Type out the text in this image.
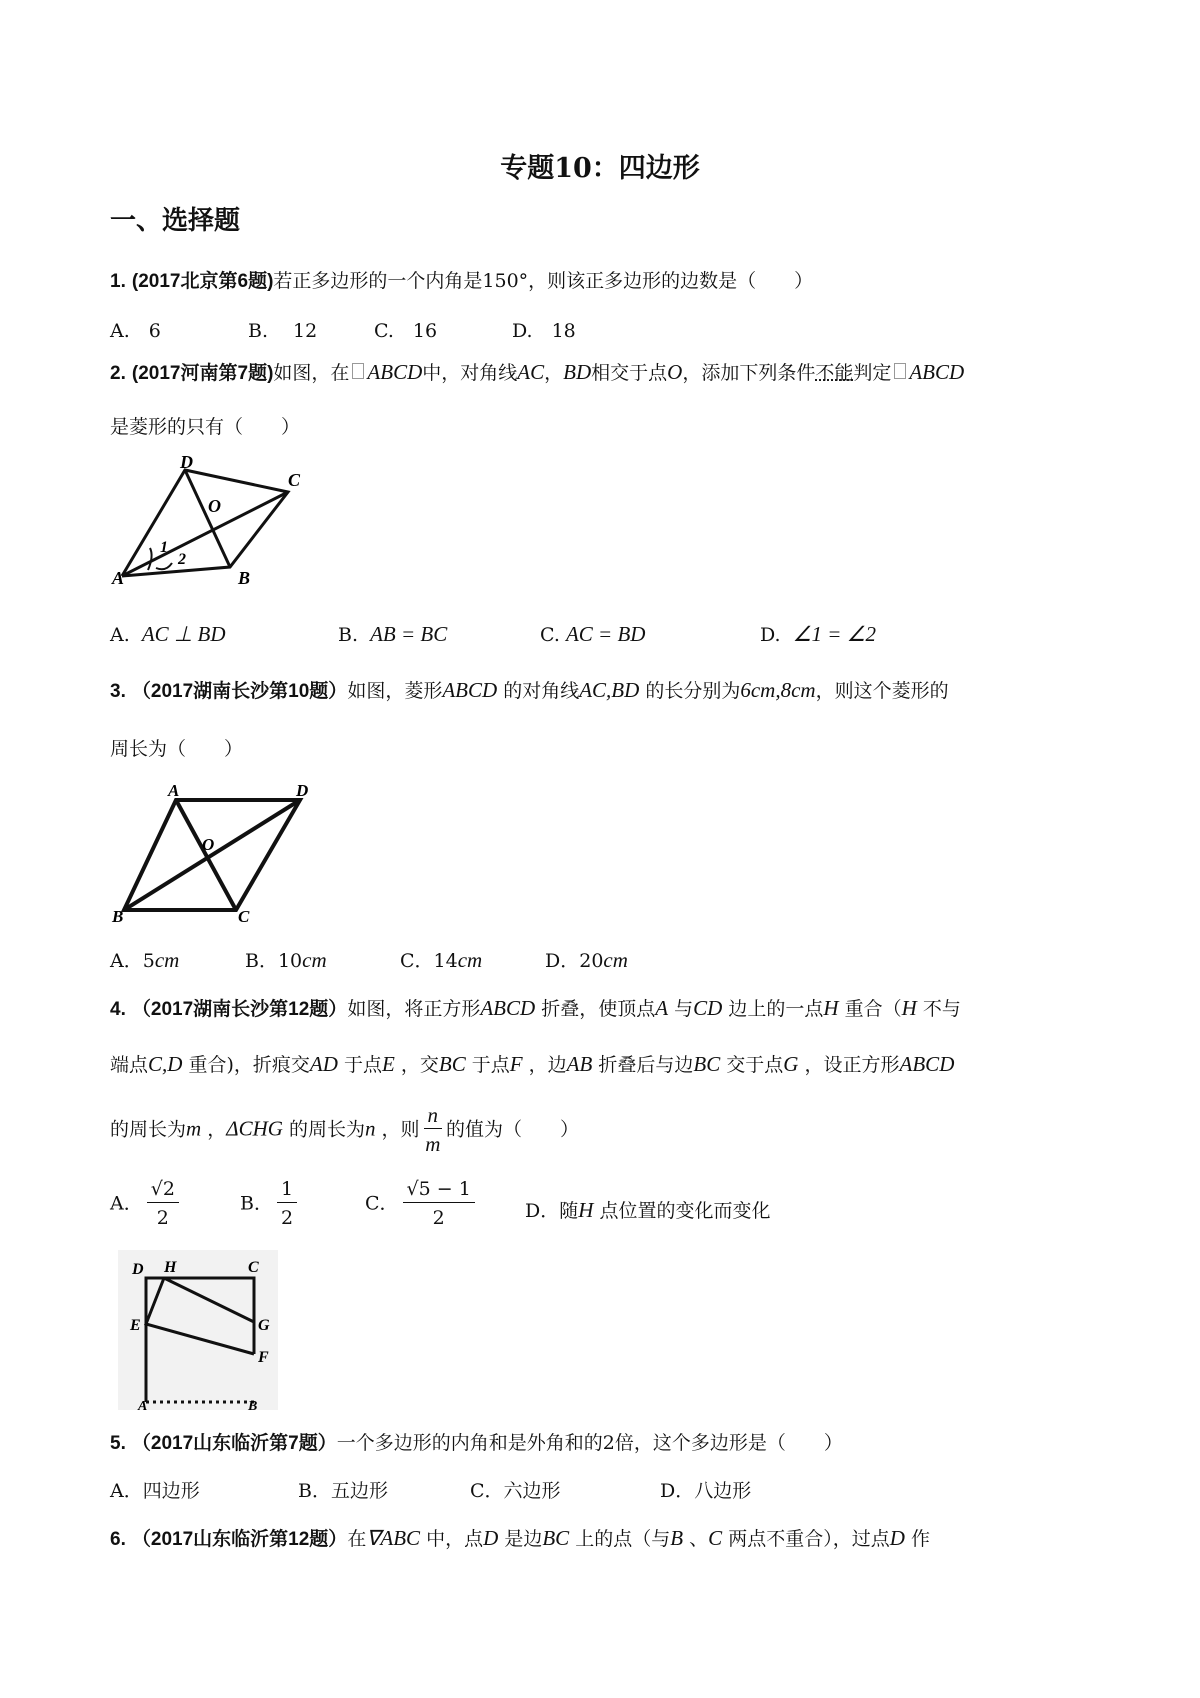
专题10：四边形
一、选择题
1. (2017北京第6题)若正多边形的一个内角是150°，则该正多边形的边数是（　　）
A.　6	B.　 12	C.　16	D.　18
2. (2017河南第7题)如图，在 ABCD中，对角线AC，BD相交于点O，添加下列条件不能判定 ABCD
是菱形的只有（　　）
D
C
O
1
2
A	B
A. AC ⊥ BD	B. AB = BC	C. AC = BD	D. ∠1 = ∠2
3. （2017湖南长沙第10题）如图，菱形ABCD 的对角线AC,BD 的长分别为6cm,8cm，则这个菱形的
周长为（　　）
A	D
O
B	C
A．5cm	B．10cm	C．14cm	D．20cm
4. （2017湖南长沙第12题）如图，将正方形ABCD 折叠，使顶点A 与CD 边上的一点H 重合（H 不与
端点C,D 重合)，折痕交AD 于点E ，交BC 于点F ，边AB 折叠后与边BC 交于点G ，设正方形ABCD
的周长为m ，ΔCHG 的周长为n ，则 $\frac{n}{m}$ 的值为（　　）
A． $\frac{√2}{2}$	B． $\frac{1}{2}$	C． $\frac{√5 - 1}{2}$	D．随H 点位置的变化而变化
D H	C
G
E
F
A	B
5. （2017山东临沂第7题）一个多边形的内角和是外角和的2倍，这个多边形是（　　）
A．四边形	B．五边形	C．六边形	D．八边形
6. （2017山东临沂第12题）在∇ABC 中，点D 是边BC 上的点（与B 、C 两点不重合），过点D 作
